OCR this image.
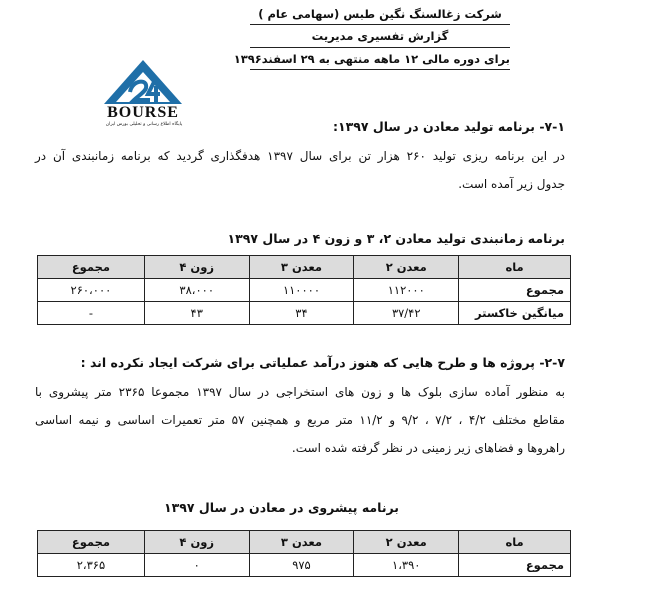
شرکت زغالسنگ نگین طبس (سهامی عام )
گزارش تفسیری مدیریت
برای دوره مالی ۱۲ ماهه منتهی به ۲۹ اسفند۱۳۹۶
BOURSE
پایگاه اطلاع رسانی و تحلیلی بورس ایران	۷-۱- برنامه تولید معادن در سال ۱۳۹۷:
در این برنامه ریزی تولید ۲۶۰ هزار تن برای سال ۱۳۹۷ هدفگذاری گردید که برنامه زمانبندی آن در
جدول زیر آمده است.
برنامه زمانبندی تولید معادن ۲، ۳ و زون ۴ در سال ۱۳۹۷
ماه	معدن ۲	معدن ۳	زون ۴	مجموع
مجموع	۱۱۲۰۰۰	۱۱۰۰۰۰	۳۸،۰۰۰	۲۶۰،۰۰۰
میانگین خاکستر	۳۷/۴۲	۳۴	۴۳	-
۲-۷- پروژه ها و طرح هایی که هنوز درآمد عملیاتی برای شرکت ایجاد نکرده اند :
به منظور آماده سازی بلوک ها و زون های استخراجی در سال ۱۳۹۷ مجموعا ۲۳۶۵ متر پیشروی با
مقاطع مختلف ۴/۲ ، ۷/۲ ، ۹/۲ و ۱۱/۲ متر مربع و همچنین ۵۷ متر تعمیرات اساسی و نیمه اساسی
راهروها و فضاهای زیر زمینی در نظر گرفته شده است.
برنامه پیشروی در معادن در سال ۱۳۹۷
ماه	معدن ۲	معدن ۳	زون ۴	مجموع
مجموع	۱،۳۹۰	۹۷۵	۰	۲،۳۶۵
